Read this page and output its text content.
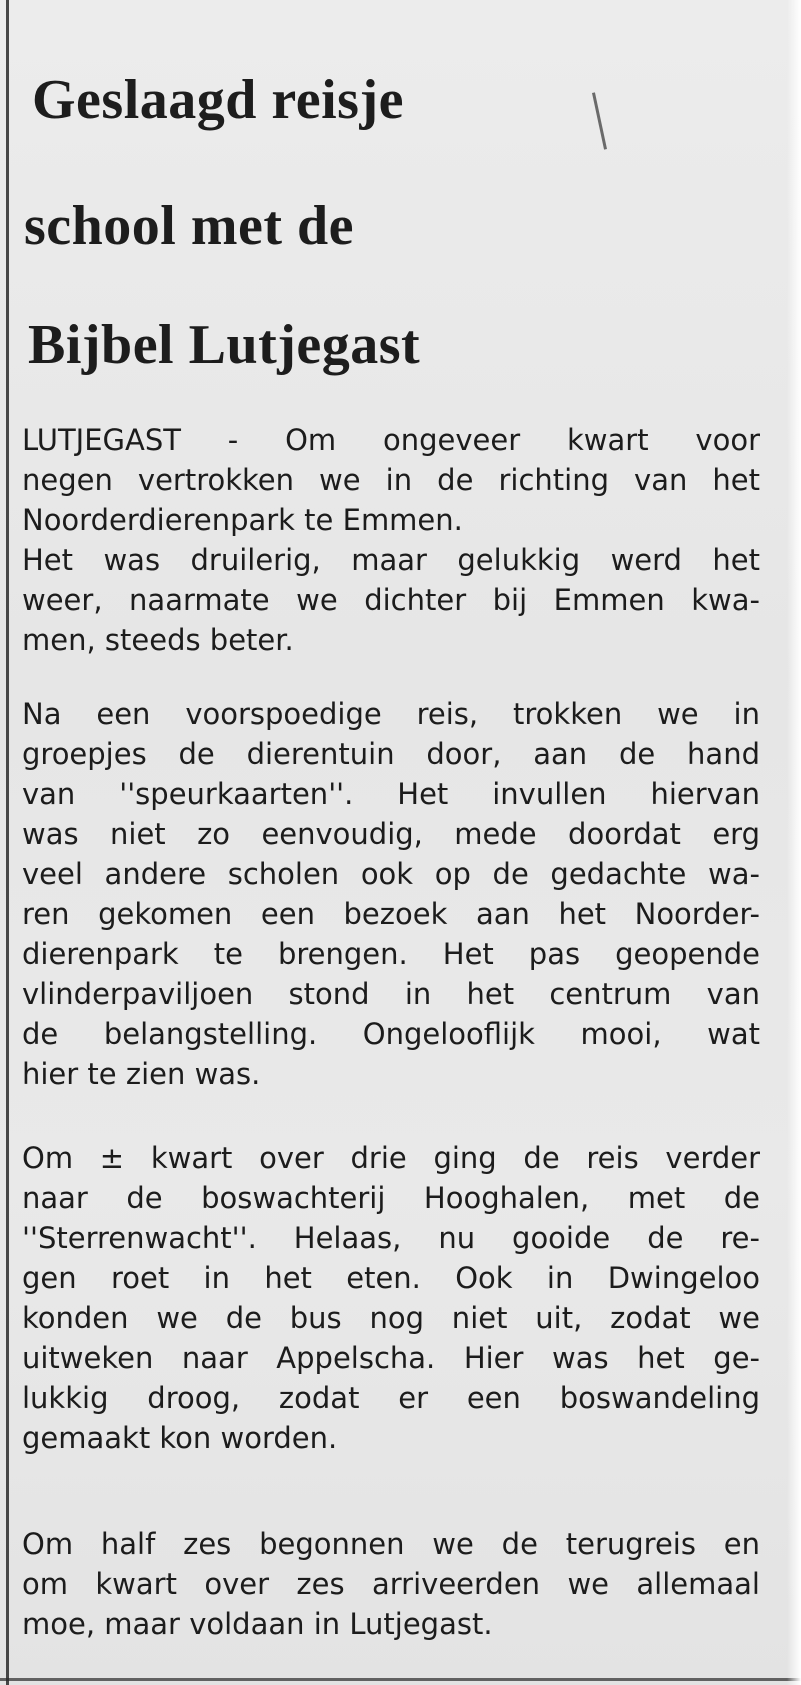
Geslaagd reisje
school met de
Bijbel Lutjegast
LUTJEGAST - Om ongeveer kwart voor
negen vertrokken we in de richting van het
Noorderdierenpark te Emmen.
Het was druilerig, maar gelukkig werd het
weer, naarmate we dichter bij Emmen kwa-
men, steeds beter.
Na een voorspoedige reis, trokken we in
groepjes de dierentuin door, aan de hand
van ''speurkaarten''. Het invullen hiervan
was niet zo eenvoudig, mede doordat erg
veel andere scholen ook op de gedachte wa-
ren gekomen een bezoek aan het Noorder-
dierenpark te brengen. Het pas geopende
vlinderpaviljoen stond in het centrum van
de belangstelling. Ongelooflijk mooi, wat
hier te zien was.
Om ± kwart over drie ging de reis verder
naar de boswachterij Hooghalen, met de
''Sterrenwacht''. Helaas, nu gooide de re-
gen roet in het eten. Ook in Dwingeloo
konden we de bus nog niet uit, zodat we
uitweken naar Appelscha. Hier was het ge-
lukkig droog, zodat er een boswandeling
gemaakt kon worden.
Om half zes begonnen we de terugreis en
om kwart over zes arriveerden we allemaal
moe, maar voldaan in Lutjegast.
